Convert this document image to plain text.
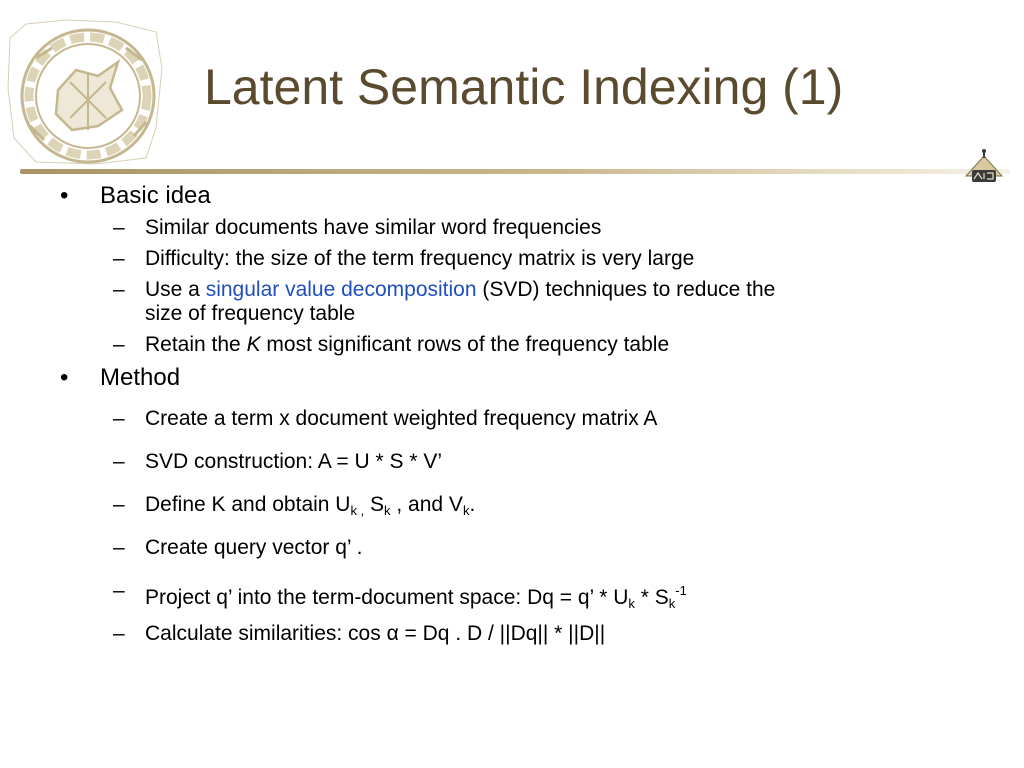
Latent Semantic Indexing (1)
• Basic idea
– Similar documents have similar word frequencies
– Difficulty: the size of the term frequency matrix is very large
– Use a singular value decomposition (SVD) techniques to reduce the
size of frequency table
– Retain the K most significant rows of the frequency table
• Method
– Create a term x document weighted frequency matrix A
– SVD construction: A = U * S * V’
– Define K and obtain $U_k$ $_,$ $S_k$ , and $V_k$.
– Create query vector q’ .
– Project q’ into the term-document space: Dq = q’ * $U_k * S_k^{-1}$
– Calculate similarities: cos α = Dq . D / ||Dq|| * ||D||
